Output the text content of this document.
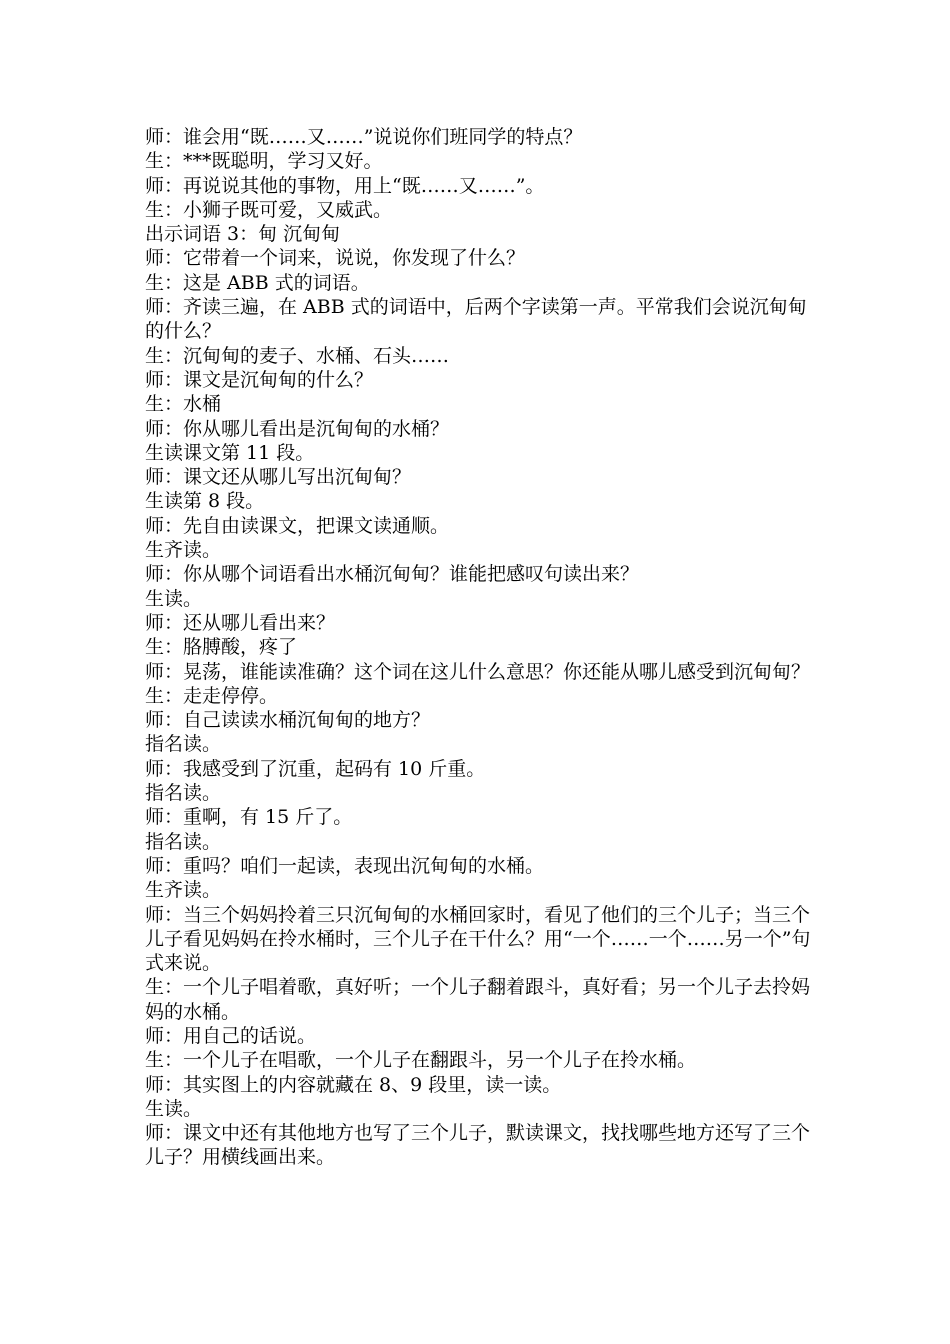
师：谁会用“既……又……”说说你们班同学的特点？
生：***既聪明，学习又好。
师：再说说其他的事物，用上“既……又……”。
生：小狮子既可爱，又威武。
出示词语 3：甸 沉甸甸
师：它带着一个词来，说说，你发现了什么？
生：这是 ABB 式的词语。
师：齐读三遍，在 ABB 式的词语中，后两个字读第一声。平常我们会说沉甸甸的什么？
生：沉甸甸的麦子、水桶、石头……
师：课文是沉甸甸的什么？
生：水桶
师：你从哪儿看出是沉甸甸的水桶？
生读课文第 11 段。
师：课文还从哪儿写出沉甸甸？
生读第 8 段。
师：先自由读课文，把课文读通顺。
生齐读。
师：你从哪个词语看出水桶沉甸甸？谁能把感叹句读出来？
生读。
师：还从哪儿看出来？
生：胳膊酸，疼了
师：晃荡，谁能读准确？这个词在这儿什么意思？你还能从哪儿感受到沉甸甸？
生：走走停停。
师：自己读读水桶沉甸甸的地方？
指名读。
师：我感受到了沉重，起码有 10 斤重。
指名读。
师：重啊，有 15 斤了。
指名读。
师：重吗？咱们一起读，表现出沉甸甸的水桶。
生齐读。
师：当三个妈妈拎着三只沉甸甸的水桶回家时，看见了他们的三个儿子；当三个儿子看见妈妈在拎水桶时，三个儿子在干什么？用“一个……一个……另一个”句式来说。
生：一个儿子唱着歌，真好听；一个儿子翻着跟斗，真好看；另一个儿子去拎妈妈的水桶。
师：用自己的话说。
生：一个儿子在唱歌，一个儿子在翻跟斗，另一个儿子在拎水桶。
师：其实图上的内容就藏在 8、9 段里，读一读。
生读。
师：课文中还有其他地方也写了三个儿子，默读课文，找找哪些地方还写了三个儿子？用横线画出来。
